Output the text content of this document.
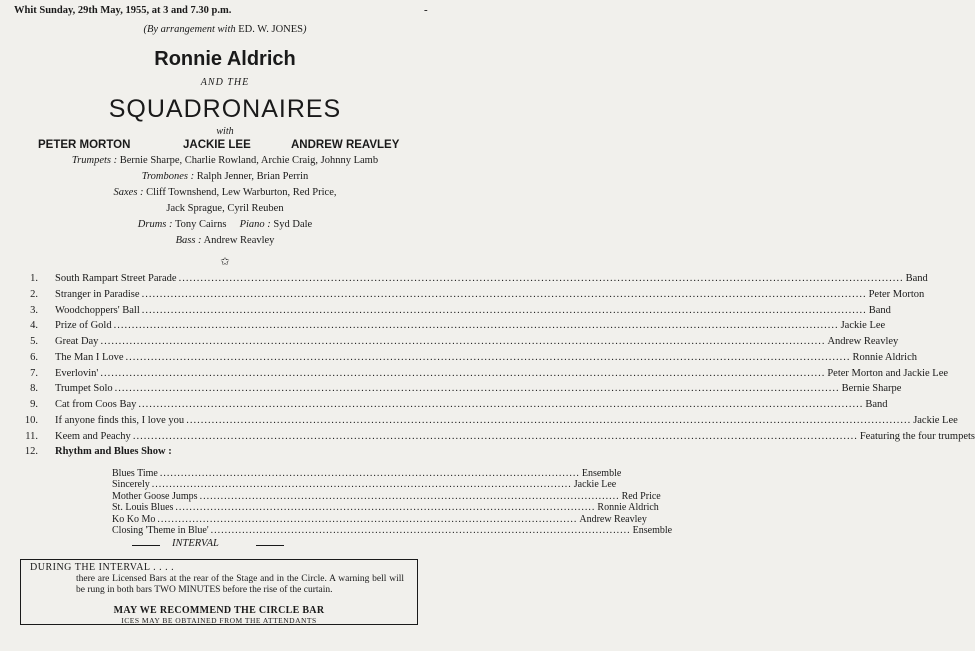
Whit Sunday, 29th May, 1955, at 3 and 7.30 p.m.	-
(By arrangement with ED. W. JONES)
Ronnie Aldrich
AND THE
SQUADRONAIRES
with
PETER MORTON	JACKIE LEE	ANDREW REAVLEY
Trumpets : Bernie Sharpe, Charlie Rowland, Archie Craig, Johnny Lamb
Trombones : Ralph Jenner, Brian Perrin
Saxes : Cliff Townshend, Lew Warburton, Red Price,
Jack Sprague, Cyril Reuben
Drums : Tony Cairns Piano : Syd Dale
Bass : Andrew Reavley
✩
1. South Rampart Street Parade ........................................................................................................................................................................................................ Band
2. Stranger in Paradise ........................................................................................................................................................................................................ Peter Morton
3. Woodchoppers' Ball ........................................................................................................................................................................................................ Band
4. Prize of Gold ........................................................................................................................................................................................................ Jackie Lee
5. Great Day ........................................................................................................................................................................................................ Andrew Reavley
6. The Man I Love ........................................................................................................................................................................................................ Ronnie Aldrich
7. Everlovin' ........................................................................................................................................................................................................ Peter Morton and Jackie Lee
8. Trumpet Solo ........................................................................................................................................................................................................ Bernie Sharpe
9. Cat from Coos Bay ........................................................................................................................................................................................................ Band
10. If anyone finds this, I love you ........................................................................................................................................................................................................ Jackie Lee
11. Keem and Peachy ........................................................................................................................................................................................................ Featuring the four trumpets
12. Rhythm and Blues Show :
Blues Time ........................................................................................................................ Ensemble
Sincerely ........................................................................................................................ Jackie Lee
Mother Goose Jumps ........................................................................................................................ Red Price
St. Louis Blues ........................................................................................................................ Ronnie Aldrich
Ko Ko Mo ........................................................................................................................ Andrew Reavley
Closing 'Theme in Blue' ........................................................................................................................ Ensemble
INTERVAL
DURING THE INTERVAL . . . .
there are Licensed Bars at the rear of the Stage and in the Circle. A warning bell will be rung in both bars TWO MINUTES before the rise of the curtain.
MAY WE RECOMMEND THE CIRCLE BAR
ICES MAY BE OBTAINED FROM THE ATTENDANTS
